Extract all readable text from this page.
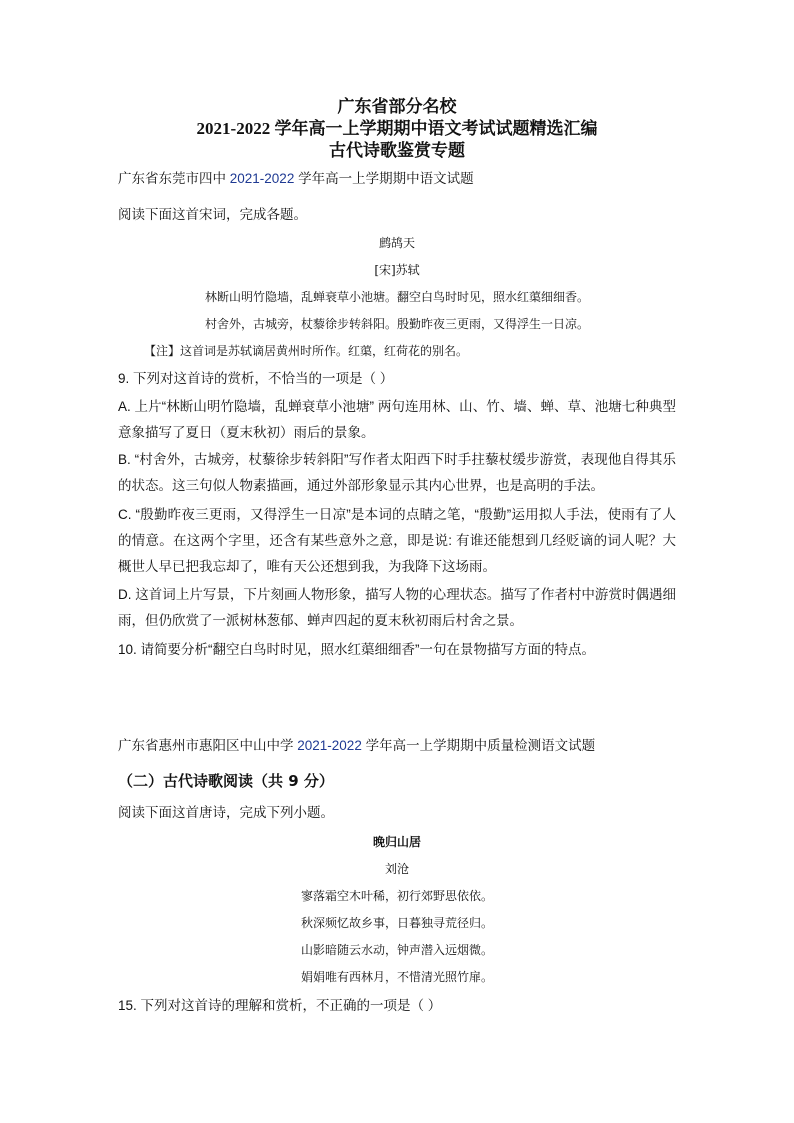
广东省部分名校
2021-2022 学年高一上学期期中语文考试试题精选汇编
古代诗歌鉴赏专题
广东省东莞市四中 2021-2022 学年高一上学期期中语文试题
阅读下面这首宋词，完成各题。
鹧鸪天
[宋]苏轼
林断山明竹隐墙，乱蝉衰草小池塘。翻空白鸟时时见，照水红蕖细细香。
村舍外，古城旁，杖藜徐步转斜阳。殷勤昨夜三更雨，又得浮生一日凉。
【注】这首词是苏轼谪居黄州时所作。红蕖，红荷花的别名。
9. 下列对这首诗的赏析，不恰当的一项是（ ）
A. 上片“林断山明竹隐墙，乱蝉衰草小池塘” 两句连用林、山、竹、墙、蝉、草、池塘七种典型意象描写了夏日（夏末秋初）雨后的景象。
B. “村舍外，古城旁，杖藜徐步转斜阳”写作者太阳西下时手拄藜杖缓步游赏，表现他自得其乐的状态。这三句似人物素描画，通过外部形象显示其内心世界，也是高明的手法。
C. “殷勤昨夜三更雨，又得浮生一日凉”是本词的点睛之笔，“殷勤”运用拟人手法，使雨有了人的情意。在这两个字里，还含有某些意外之意，即是说: 有谁还能想到几经贬谪的词人呢？大概世人早已把我忘却了，唯有天公还想到我，为我降下这场雨。
D. 这首词上片写景，下片刻画人物形象，描写人物的心理状态。描写了作者村中游赏时偶遇细雨，但仍欣赏了一派树林葱郁、蝉声四起的夏末秋初雨后村舍之景。
10. 请简要分析“翻空白鸟时时见，照水红蕖细细香”一句在景物描写方面的特点。
广东省惠州市惠阳区中山中学 2021-2022 学年高一上学期期中质量检测语文试题
（二）古代诗歌阅读（共 9 分）
阅读下面这首唐诗，完成下列小题。
晚归山居
刘沧
寥落霜空木叶稀，初行郊野思依依。
秋深频忆故乡事，日暮独寻荒径归。
山影暗随云水动，钟声潜入远烟微。
娟娟唯有西林月，不惜清光照竹扉。
15. 下列对这首诗的理解和赏析，不正确的一项是（ ）
